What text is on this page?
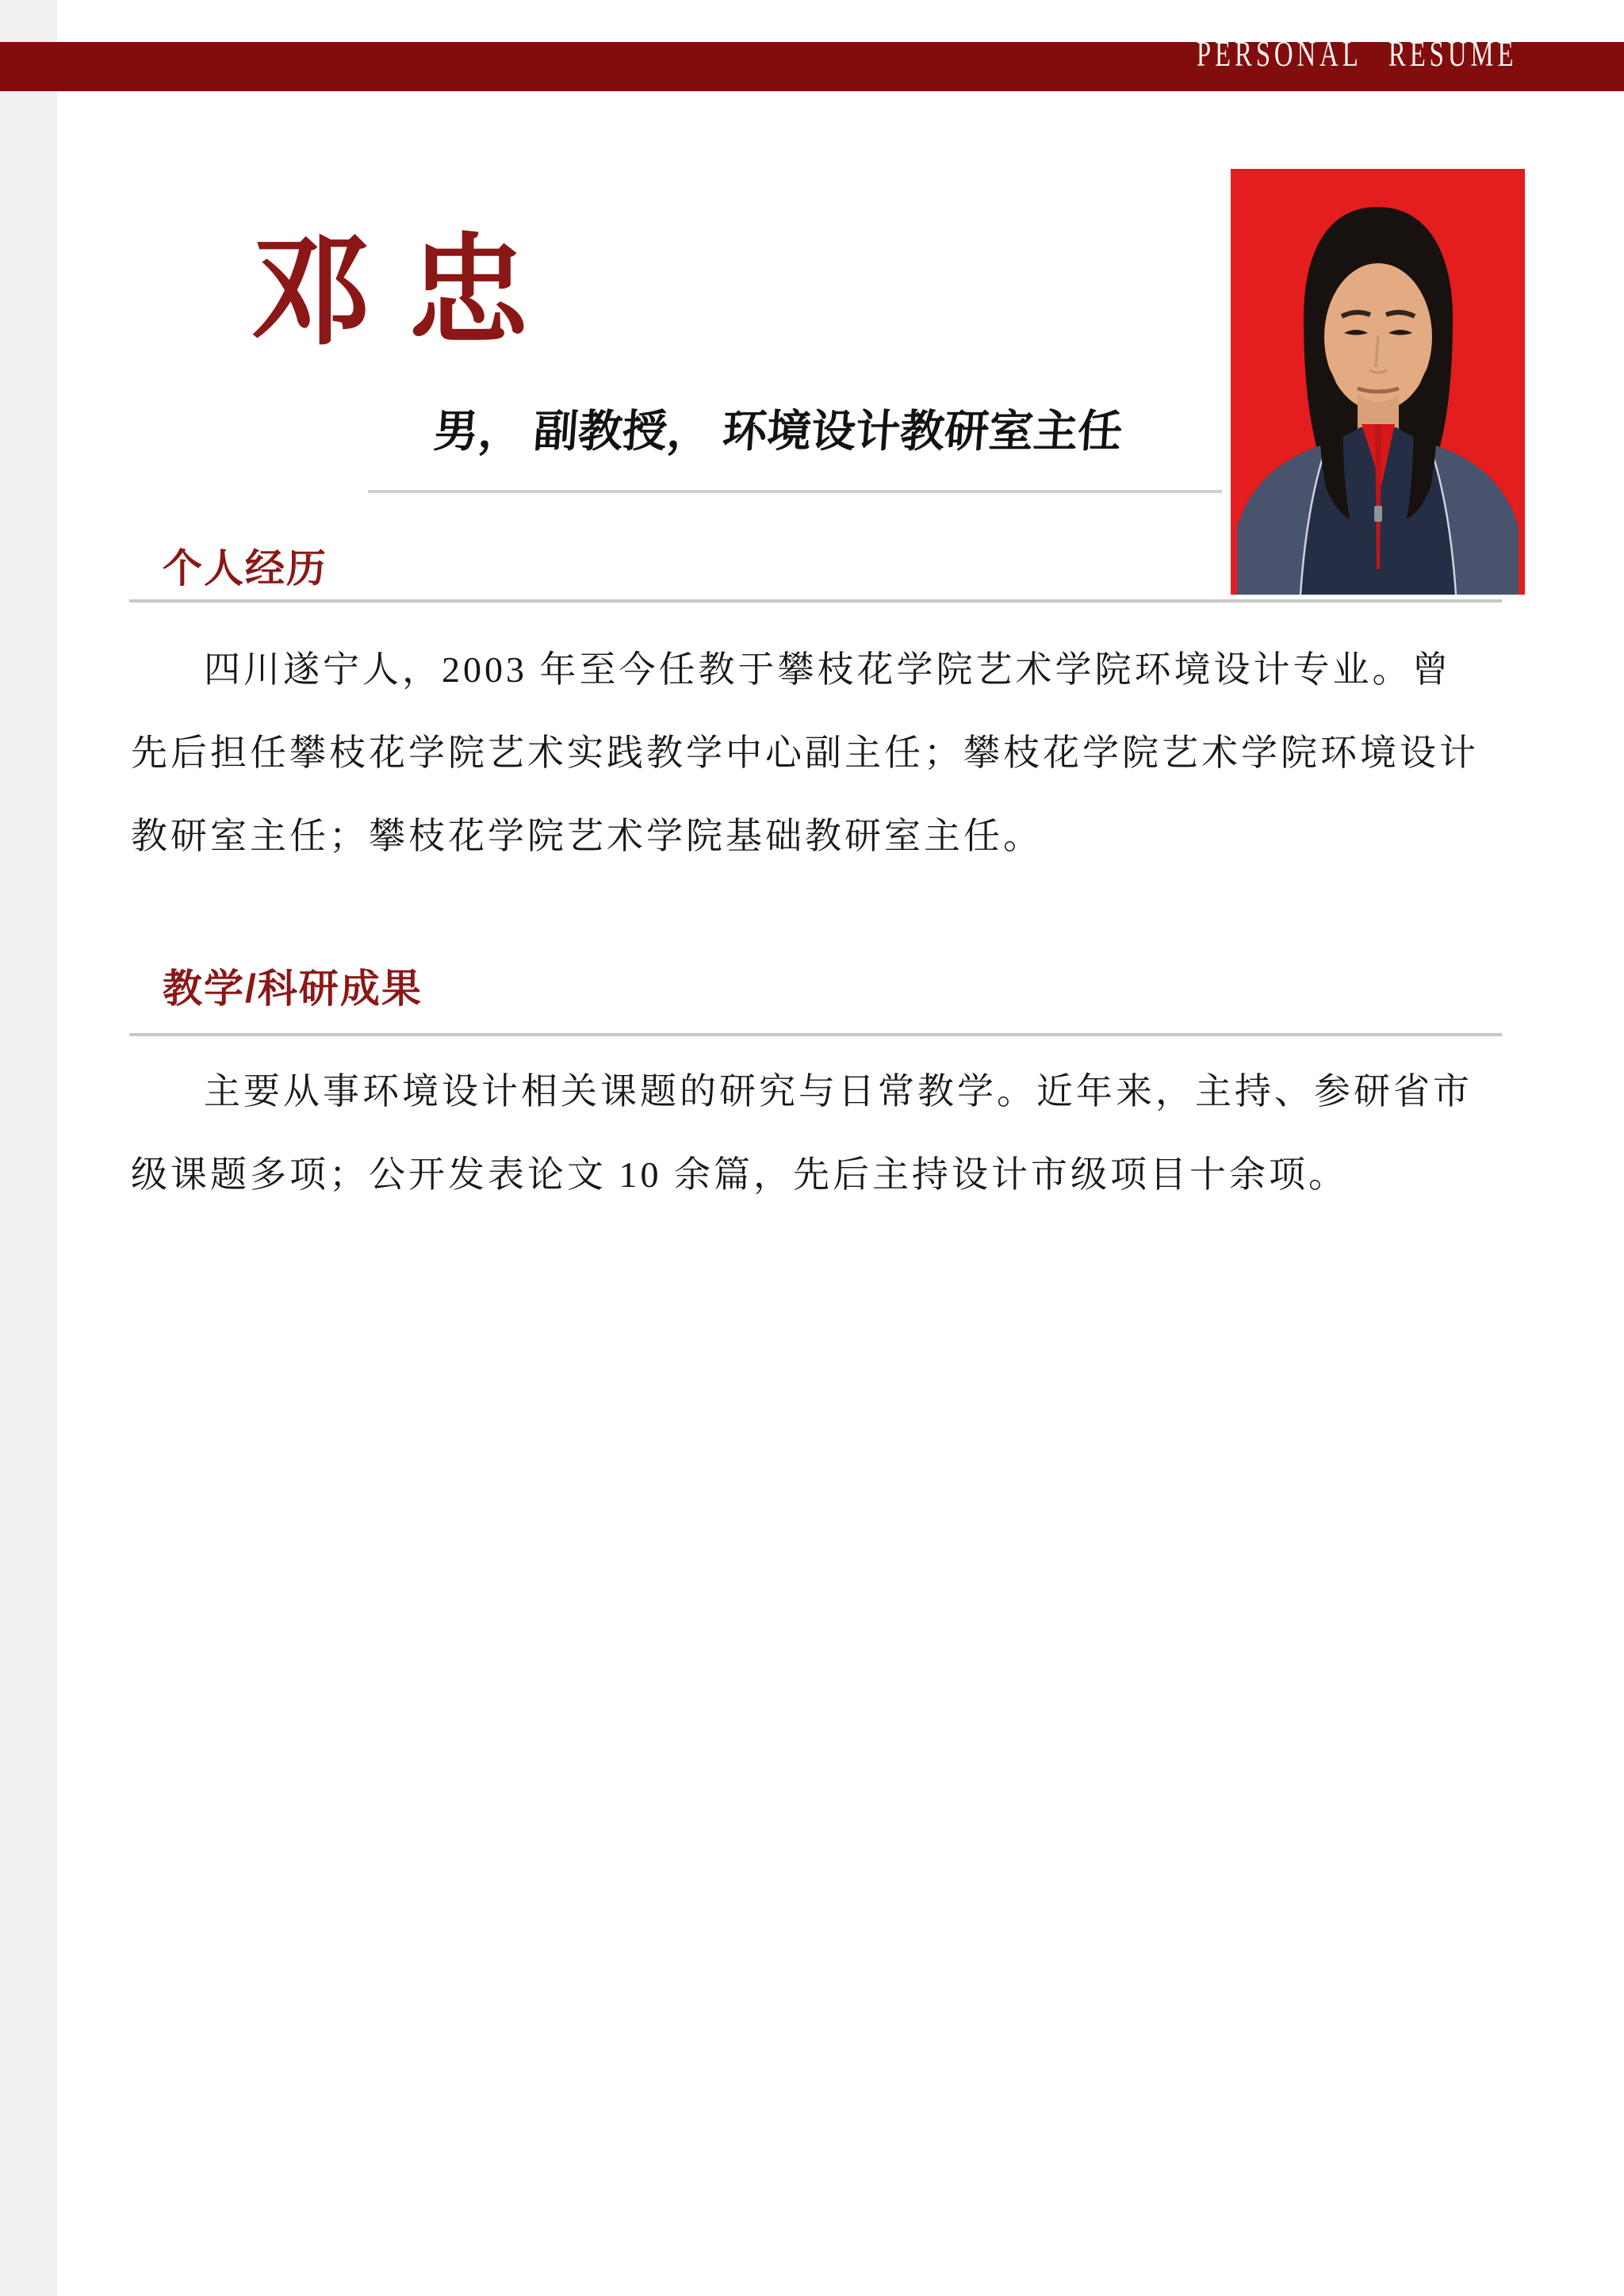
PERSONAL RESUME
邓 忠
男， 副教授， 环境设计教研室主任
个人经历
四川遂宁人，2003 年至今任教于攀枝花学院艺术学院环境设计专业。曾
先后担任攀枝花学院艺术实践教学中心副主任；攀枝花学院艺术学院环境设计
教研室主任；攀枝花学院艺术学院基础教研室主任。
教学/科研成果
主要从事环境设计相关课题的研究与日常教学。近年来，主持、参研省市
级课题多项；公开发表论文 10 余篇，先后主持设计市级项目十余项。
